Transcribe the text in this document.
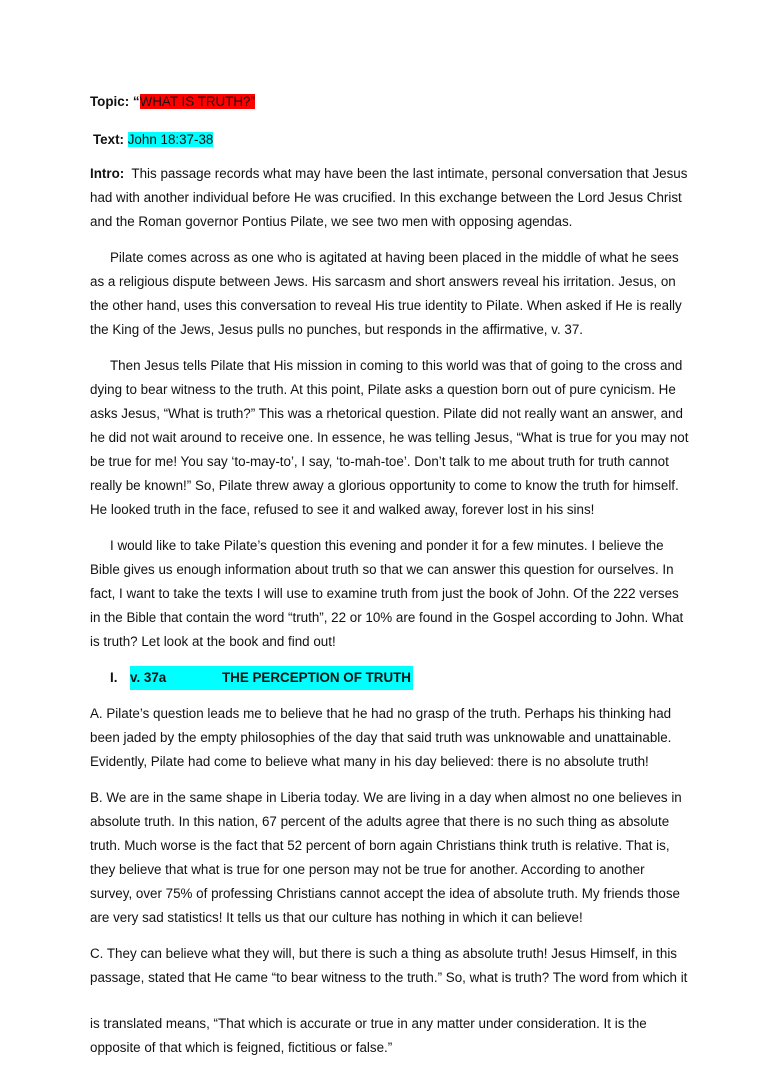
Topic: “WHAT IS TRUTH?”

Text: John 18:37-38

Intro: This passage records what may have been the last intimate, personal conversation that Jesus had with another individual before He was crucified. In this exchange between the Lord Jesus Christ and the Roman governor Pontius Pilate, we see two men with opposing agendas.

Pilate comes across as one who is agitated at having been placed in the middle of what he sees as a religious dispute between Jews. His sarcasm and short answers reveal his irritation. Jesus, on the other hand, uses this conversation to reveal His true identity to Pilate. When asked if He is really the King of the Jews, Jesus pulls no punches, but responds in the affirmative, v. 37.

Then Jesus tells Pilate that His mission in coming to this world was that of going to the cross and dying to bear witness to the truth. At this point, Pilate asks a question born out of pure cynicism. He asks Jesus, “What is truth?” This was a rhetorical question. Pilate did not really want an answer, and he did not wait around to receive one. In essence, he was telling Jesus, “What is true for you may not be true for me! You say ‘to-may-to’, I say, ‘to-mah-toe’. Don’t talk to me about truth for truth cannot really be known!” So, Pilate threw away a glorious opportunity to come to know the truth for himself. He looked truth in the face, refused to see it and walked away, forever lost in his sins!

I would like to take Pilate’s question this evening and ponder it for a few minutes. I believe the Bible gives us enough information about truth so that we can answer this question for ourselves. In fact, I want to take the texts I will use to examine truth from just the book of John. Of the 222 verses in the Bible that contain the word “truth”, 22 or 10% are found in the Gospel according to John. What is truth? Let look at the book and find out!

I. v. 37a	THE PERCEPTION OF TRUTH

A. Pilate’s question leads me to believe that he had no grasp of the truth. Perhaps his thinking had been jaded by the empty philosophies of the day that said truth was unknowable and unattainable. Evidently, Pilate had come to believe what many in his day believed: there is no absolute truth!

B. We are in the same shape in Liberia today. We are living in a day when almost no one believes in absolute truth. In this nation, 67 percent of the adults agree that there is no such thing as absolute truth. Much worse is the fact that 52 percent of born again Christians think truth is relative. That is, they believe that what is true for one person may not be true for another. According to another survey, over 75% of professing Christians cannot accept the idea of absolute truth. My friends those are very sad statistics! It tells us that our culture has nothing in which it can believe!

C. They can believe what they will, but there is such a thing as absolute truth! Jesus Himself, in this passage, stated that He came “to bear witness to the truth.” So, what is truth? The word from which it

is translated means, “That which is accurate or true in any matter under consideration. It is the opposite of that which is feigned, fictitious or false.”
